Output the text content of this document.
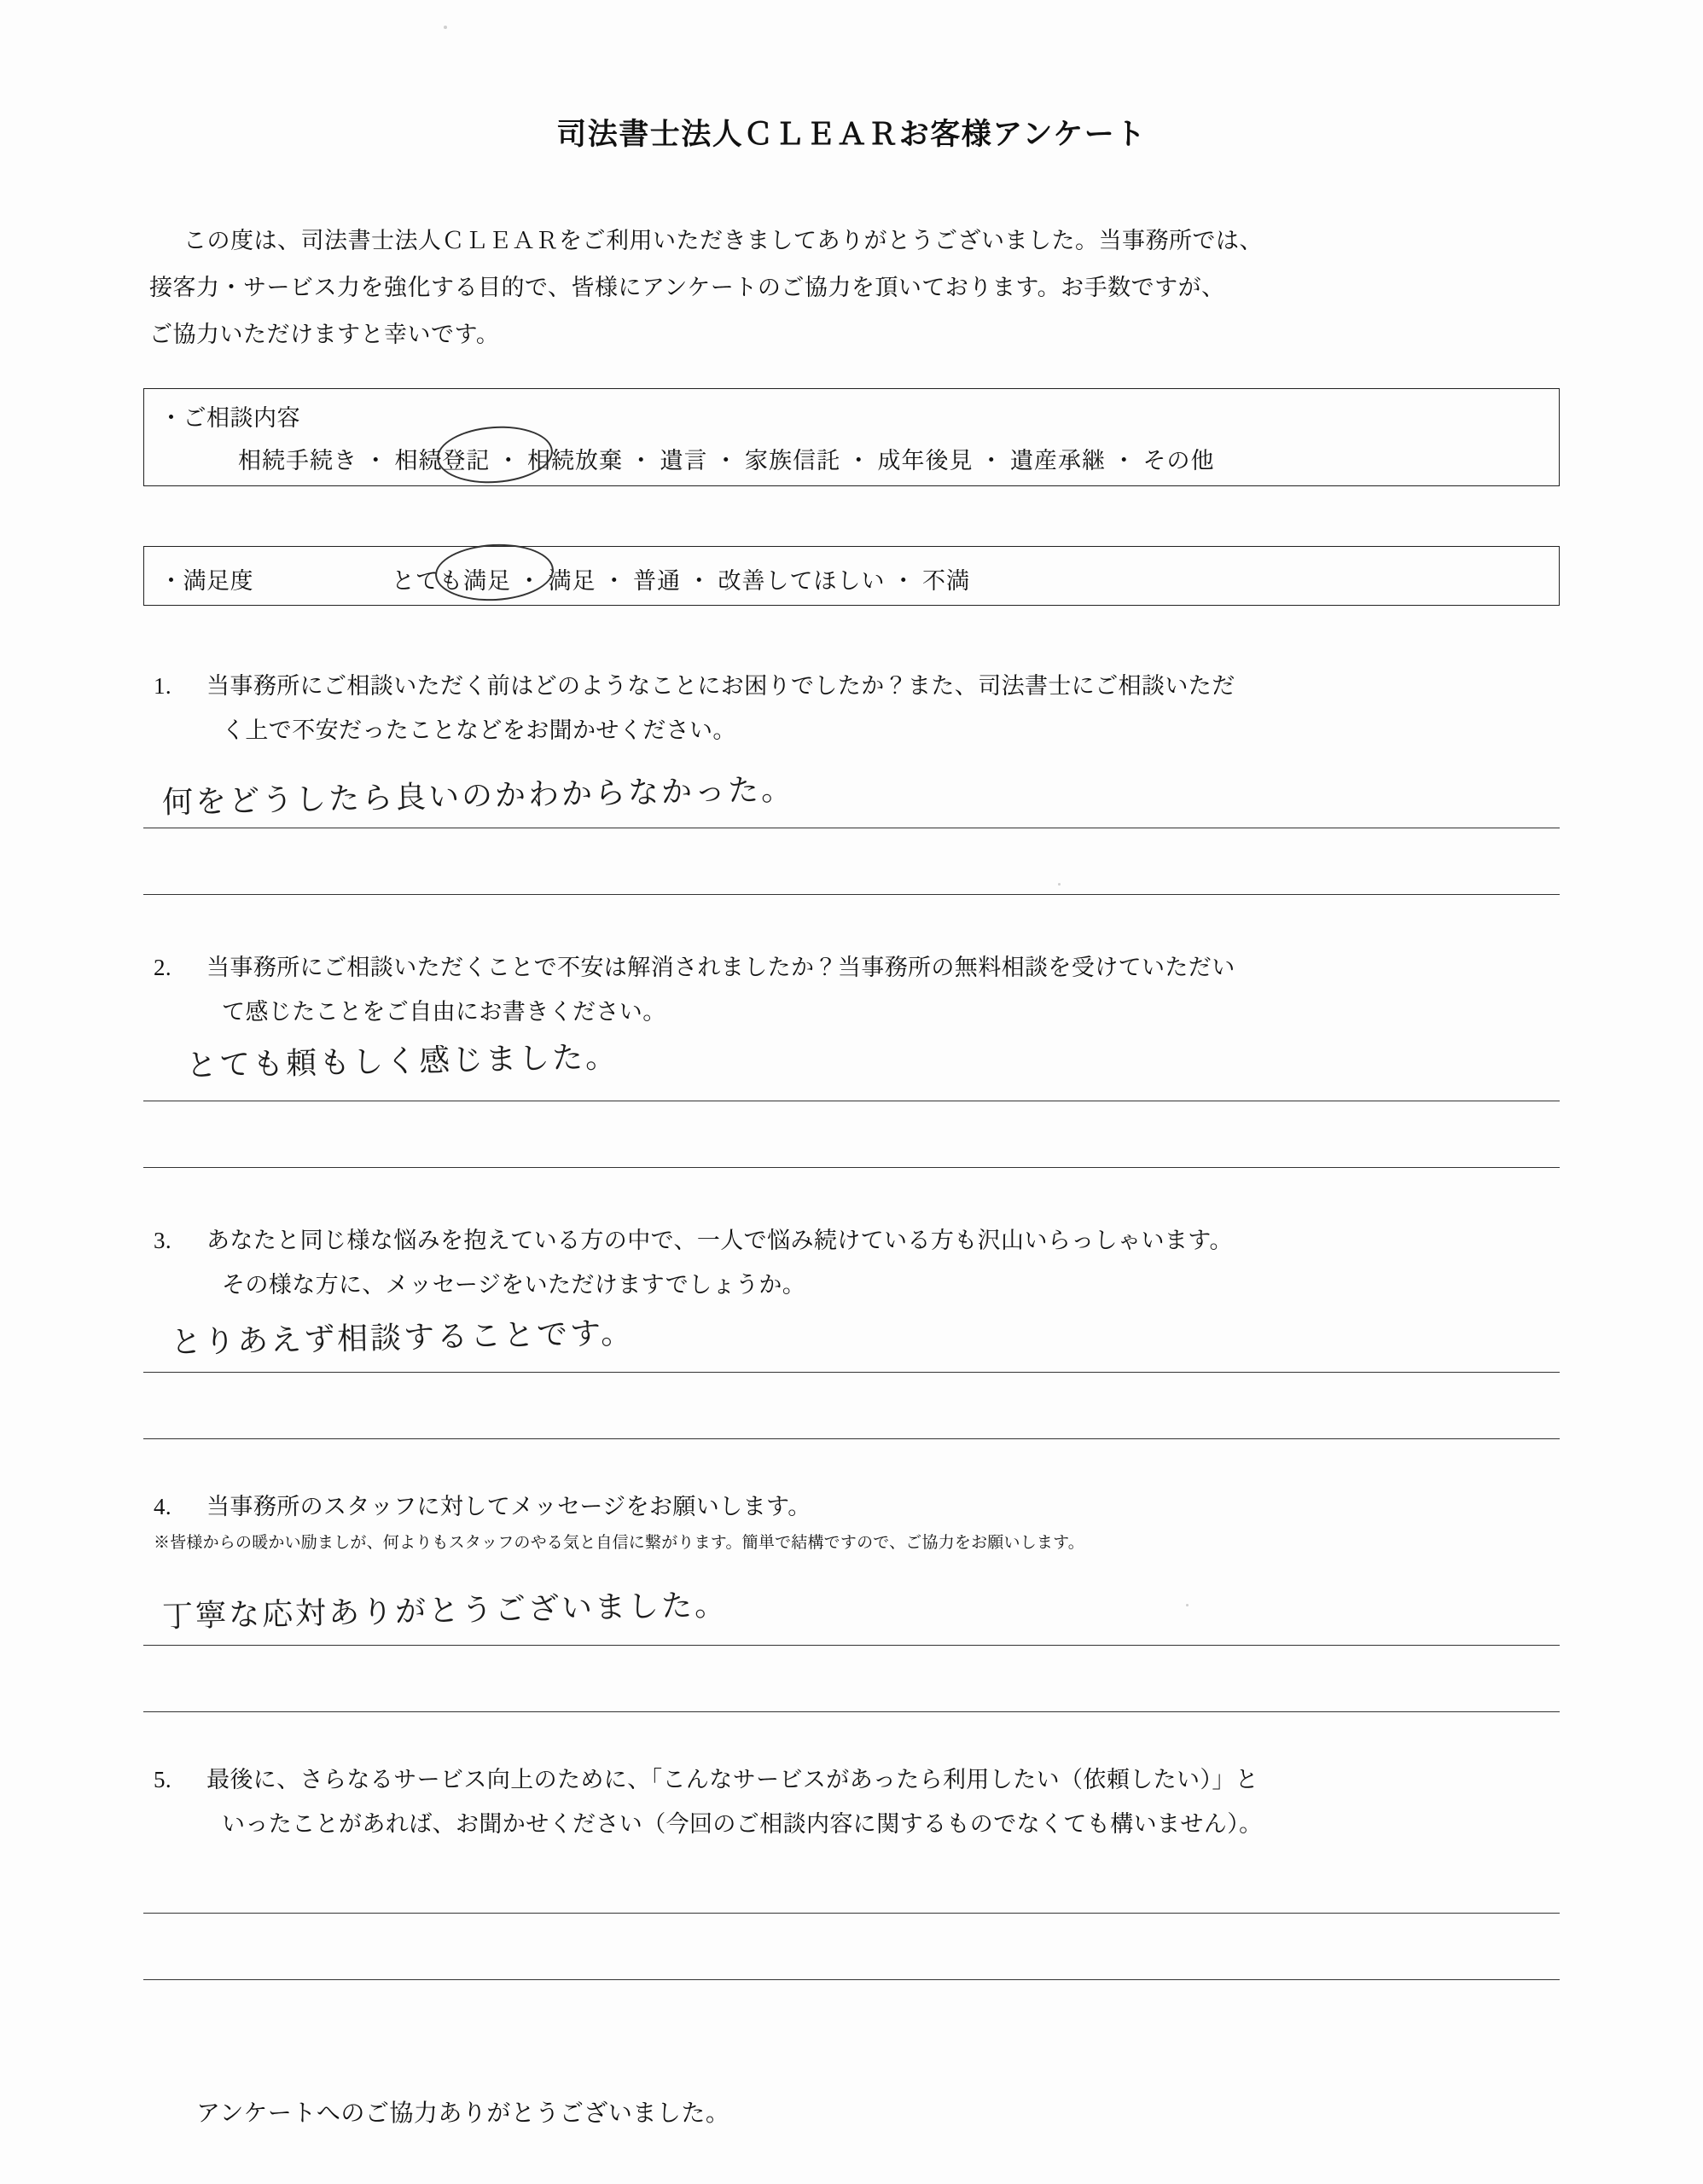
司法書士法人ＣＬＥＡＲお客様アンケート
この度は、司法書士法人ＣＬＥＡＲをご利用いただきましてありがとうございました。当事務所では、
接客力・サービス力を強化する目的で、皆様にアンケートのご協力を頂いております。お手数ですが、
ご協力いただけますと幸いです。
・ご相談内容
相続手続き ・ 相続登記 ・ 相続放棄 ・ 遺言 ・ 家族信託 ・ 成年後見 ・ 遺産承継 ・ その他
・満足度	とても満足 ・ 満足 ・ 普通 ・ 改善してほしい ・ 不満
1. 当事務所にご相談いただく前はどのようなことにお困りでしたか？また、司法書士にご相談いただ
く上で不安だったことなどをお聞かせください。
何をどうしたら良いのかわからなかった。
2. 当事務所にご相談いただくことで不安は解消されましたか？当事務所の無料相談を受けていただい
て感じたことをご自由にお書きください。
とても頼もしく感じました。
3. あなたと同じ様な悩みを抱えている方の中で、一人で悩み続けている方も沢山いらっしゃいます。
その様な方に、メッセージをいただけますでしょうか。
とりあえず相談することです。
4. 当事務所のスタッフに対してメッセージをお願いします。
※皆様からの暖かい励ましが、何よりもスタッフのやる気と自信に繋がります。簡単で結構ですので、ご協力をお願いします。
丁寧な応対ありがとうございました。
5. 最後に、さらなるサービス向上のために、「こんなサービスがあったら利用したい（依頼したい）」と
いったことがあれば、お聞かせください（今回のご相談内容に関するものでなくても構いません）。
アンケートへのご協力ありがとうございました。
